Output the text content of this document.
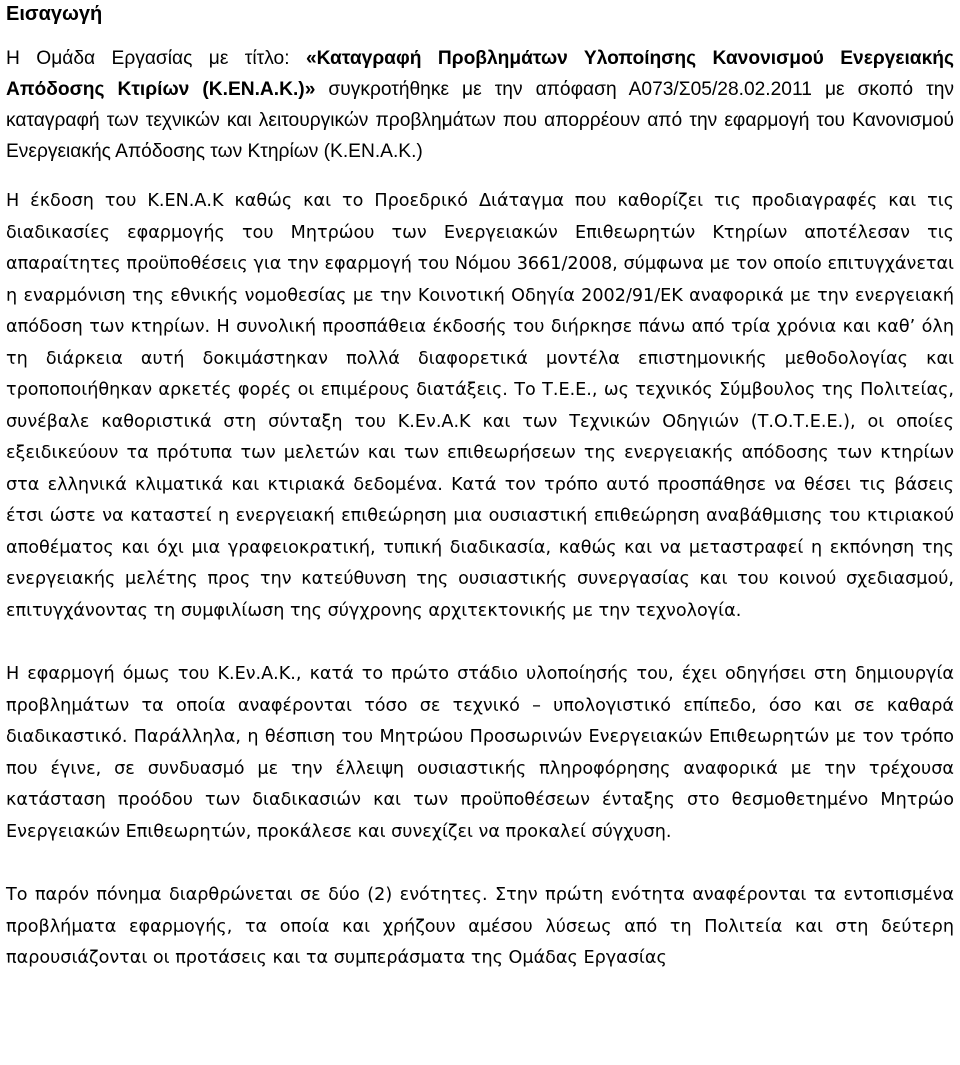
Εισαγωγή

Η Ομάδα Εργασίας με τίτλο: «Καταγραφή Προβλημάτων Υλοποίησης Κανονισμού Ενεργειακής Απόδοσης Κτιρίων (Κ.ΕΝ.Α.Κ.)» συγκροτήθηκε με την απόφαση Α073/Σ05/28.02.2011 με σκοπό την καταγραφή των τεχνικών και λειτουργικών προβλημάτων που απορρέουν από την εφαρμογή του Κανονισμού Ενεργειακής Απόδοσης των Κτηρίων (Κ.ΕΝ.Α.Κ.)

Η έκδοση του Κ.ΕΝ.Α.Κ καθώς και το Προεδρικό Διάταγμα που καθορίζει τις προδιαγραφές και τις διαδικασίες εφαρμογής του Μητρώου των Ενεργειακών Επιθεωρητών Κτηρίων αποτέλεσαν τις απαραίτητες προϋποθέσεις για την εφαρμογή του Νόμου 3661/2008, σύμφωνα με τον οποίο επιτυγχάνεται η εναρμόνιση της εθνικής νομοθεσίας με την Κοινοτική Οδηγία 2002/91/ΕΚ αναφορικά με την ενεργειακή απόδοση των κτηρίων. Η συνολική προσπάθεια έκδοσής του διήρκησε πάνω από τρία χρόνια και καθ’ όλη τη διάρκεια αυτή δοκιμάστηκαν πολλά διαφορετικά μοντέλα επιστημονικής μεθοδολογίας και τροποποιήθηκαν αρκετές φορές οι επιμέρους διατάξεις. Το Τ.Ε.Ε., ως τεχνικός Σύμβουλος της Πολιτείας, συνέβαλε καθοριστικά στη σύνταξη του Κ.Εν.Α.Κ και των Τεχνικών Οδηγιών (Τ.Ο.Τ.Ε.Ε.), οι οποίες εξειδικεύουν τα πρότυπα των μελετών και των επιθεωρήσεων της ενεργειακής απόδοσης των κτηρίων στα ελληνικά κλιματικά και κτιριακά δεδομένα. Κατά τον τρόπο αυτό προσπάθησε να θέσει τις βάσεις έτσι ώστε να καταστεί η ενεργειακή επιθεώρηση μια ουσιαστική επιθεώρηση αναβάθμισης του κτιριακού αποθέματος και όχι μια γραφειοκρατική, τυπική διαδικασία, καθώς και να μεταστραφεί η εκπόνηση της ενεργειακής μελέτης προς την κατεύθυνση της ουσιαστικής συνεργασίας και του κοινού σχεδιασμού, επιτυγχάνοντας τη συμφιλίωση της σύγχρονης αρχιτεκτονικής με την τεχνολογία.

Η εφαρμογή όμως του Κ.Εν.Α.Κ., κατά το πρώτο στάδιο υλοποίησής του, έχει οδηγήσει στη δημιουργία προβλημάτων τα οποία αναφέρονται τόσο σε τεχνικό – υπολογιστικό επίπεδο, όσο και σε καθαρά διαδικαστικό. Παράλληλα, η θέσπιση του Μητρώου Προσωρινών Ενεργειακών Επιθεωρητών με τον τρόπο που έγινε, σε συνδυασμό με την έλλειψη ουσιαστικής πληροφόρησης αναφορικά με την τρέχουσα κατάσταση προόδου των διαδικασιών και των προϋποθέσεων ένταξης στο θεσμοθετημένο Μητρώο Ενεργειακών Επιθεωρητών, προκάλεσε και συνεχίζει να προκαλεί σύγχυση.

Το παρόν πόνημα διαρθρώνεται σε δύο (2) ενότητες. Στην πρώτη ενότητα αναφέρονται τα εντοπισμένα προβλήματα εφαρμογής, τα οποία και χρήζουν αμέσου λύσεως από τη Πολιτεία και στη δεύτερη παρουσιάζονται οι προτάσεις και τα συμπεράσματα της Ομάδας Εργασίας
